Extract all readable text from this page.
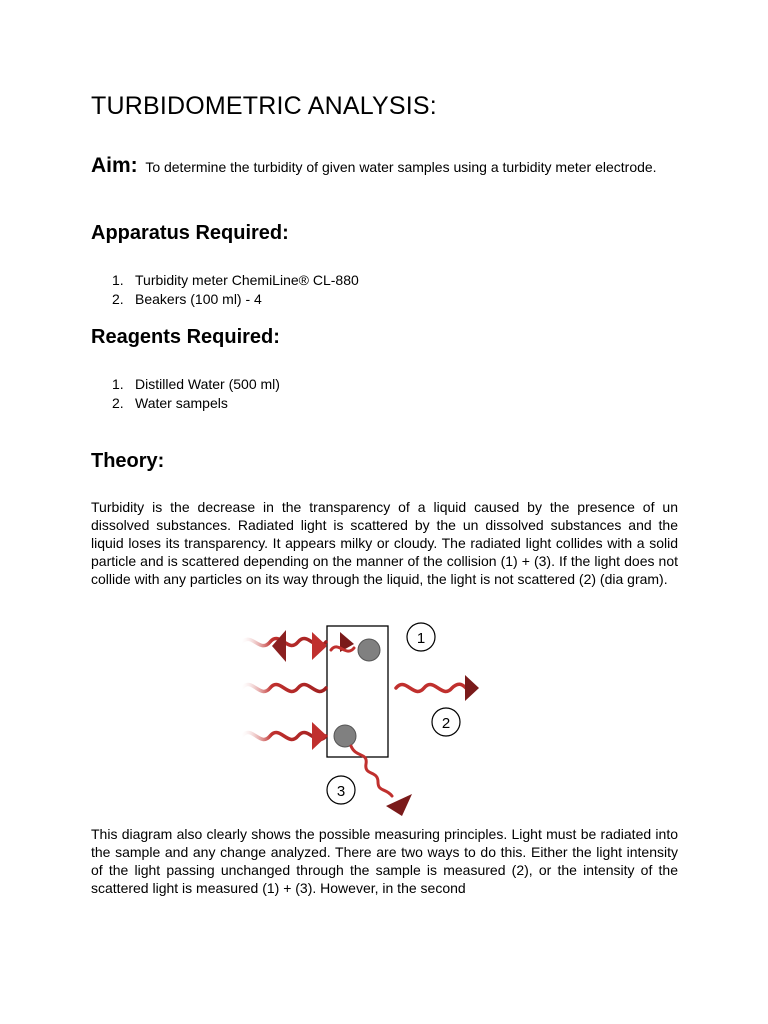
TURBIDOMETRIC ANALYSIS:
Aim: To determine the turbidity of given water samples using a turbidity meter electrode.
Apparatus Required:
1. Turbidity meter ChemiLine® CL-880
2. Beakers (100 ml) - 4
Reagents Required:
1. Distilled Water (500 ml)
2. Water sampels
Theory:

Turbidity is the decrease in the transparency of a liquid caused by the presence of un dissolved substances. Radiated light is scattered by the un dissolved substances and the liquid loses its transparency. It appears milky or cloudy. The radiated light collides with a solid particle and is scattered depending on the manner of the collision (1) + (3). If the light does not collide with any particles on its way through the liquid, the light is not scattered (2) (dia gram).

1
2
3

This diagram also clearly shows the possible measuring principles. Light must be radiated into the sample and any change analyzed. There are two ways to do this. Either the light intensity of the light passing unchanged through the sample is measured (2), or the intensity of the scattered light is measured (1) + (3). However, in the second
